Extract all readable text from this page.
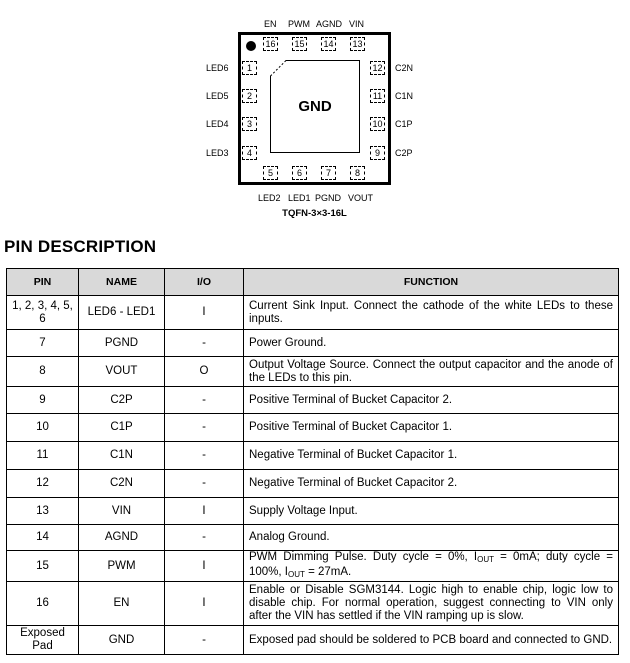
GND
16 15 14 13
EN PWM AGND VIN
1
2
3
4
LED6
LED5
LED4
LED3
12
11
10
9
C2N
C1N
C1P
C2P
5	6	7	8
LED2 LED1 PGND VOUT
TQFN-3×3-16L
PIN DESCRIPTION
PIN	NAME	I/O	FUNCTION
1, 2, 3, 4, 5, 6	LED6 - LED1	I	Current Sink Input. Connect the cathode of the white LEDs to these inputs.
7	PGND	-	Power Ground.
8	VOUT	O	Output Voltage Source. Connect the output capacitor and the anode of the LEDs to this pin.
9	C2P	-	Positive Terminal of Bucket Capacitor 2.
10	C1P	-	Positive Terminal of Bucket Capacitor 1.
11	C1N	-	Negative Terminal of Bucket Capacitor 1.
12	C2N	-	Negative Terminal of Bucket Capacitor 2.
13	VIN	I	Supply Voltage Input.
14	AGND	-	Analog Ground.
15	PWM	I	PWM Dimming Pulse. Duty cycle = 0%, $I_{OUT} = 0mA$; duty cycle = 100%, $I_{OUT} = 27mA$.
16	EN	I	Enable or Disable SGM3144. Logic high to enable chip, logic low to disable chip. For normal operation, suggest connecting to VIN only after the VIN has settled if the VIN ramping up is slow.
Exposed Pad	GND	-	Exposed pad should be soldered to PCB board and connected to GND.
